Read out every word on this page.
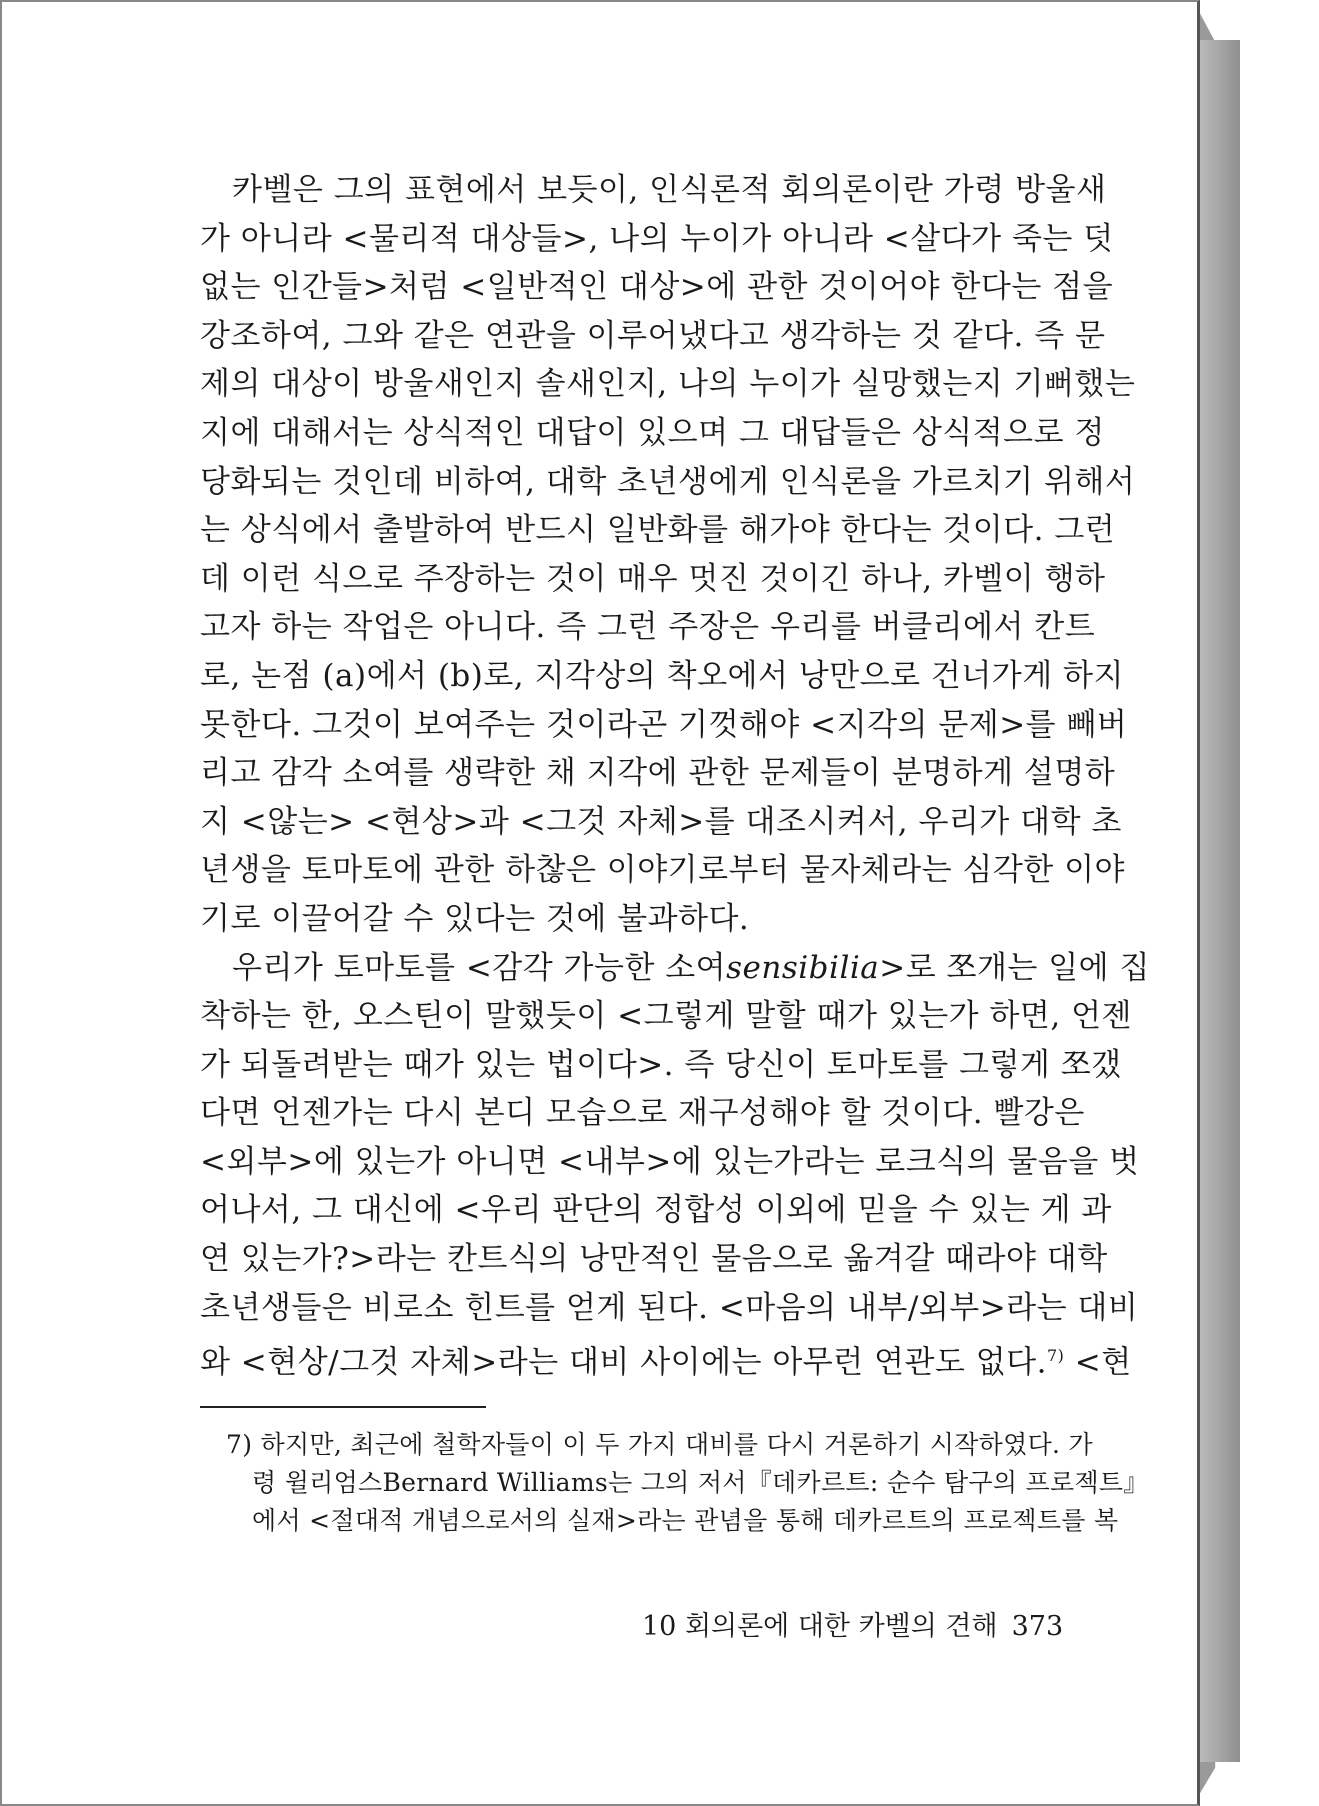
카벨은 그의 표현에서 보듯이, 인식론적 회의론이란 가령 방울새
가 아니라 <물리적 대상들>, 나의 누이가 아니라 <살다가 죽는 덧
없는 인간들>처럼 <일반적인 대상>에 관한 것이어야 한다는 점을
강조하여, 그와 같은 연관을 이루어냈다고 생각하는 것 같다. 즉 문
제의 대상이 방울새인지 솔새인지, 나의 누이가 실망했는지 기뻐했는
지에 대해서는 상식적인 대답이 있으며 그 대답들은 상식적으로 정
당화되는 것인데 비하여, 대학 초년생에게 인식론을 가르치기 위해서
는 상식에서 출발하여 반드시 일반화를 해가야 한다는 것이다. 그런
데 이런 식으로 주장하는 것이 매우 멋진 것이긴 하나, 카벨이 행하
고자 하는 작업은 아니다. 즉 그런 주장은 우리를 버클리에서 칸트
로, 논점 (a)에서 (b)로, 지각상의 착오에서 낭만으로 건너가게 하지
못한다. 그것이 보여주는 것이라곤 기껏해야 <지각의 문제>를 빼버
리고 감각 소여를 생략한 채 지각에 관한 문제들이 분명하게 설명하
지 <않는> <현상>과 <그것 자체>를 대조시켜서, 우리가 대학 초
년생을 토마토에 관한 하찮은 이야기로부터 물자체라는 심각한 이야
기로 이끌어갈 수 있다는 것에 불과하다.
우리가 토마토를 <감각 가능한 소여sensibilia>로 쪼개는 일에 집
착하는 한, 오스틴이 말했듯이 <그렇게 말할 때가 있는가 하면, 언젠
가 되돌려받는 때가 있는 법이다>. 즉 당신이 토마토를 그렇게 쪼갰
다면 언젠가는 다시 본디 모습으로 재구성해야 할 것이다. 빨강은
<외부>에 있는가 아니면 <내부>에 있는가라는 로크식의 물음을 벗
어나서, 그 대신에 <우리 판단의 정합성 이외에 믿을 수 있는 게 과
연 있는가?>라는 칸트식의 낭만적인 물음으로 옮겨갈 때라야 대학
초년생들은 비로소 힌트를 얻게 된다. <마음의 내부/외부>라는 대비
와 <현상/그것 자체>라는 대비 사이에는 아무런 연관도 없다.$^{7)}$ <현
7) 하지만, 최근에 철학자들이 이 두 가지 대비를 다시 거론하기 시작하였다. 가
령 윌리엄스Bernard Williams는 그의 저서『데카르트: 순수 탐구의 프로젝트』
에서 <절대적 개념으로서의 실재>라는 관념을 통해 데카르트의 프로젝트를 복
10 회의론에 대한 카벨의 견해 373
